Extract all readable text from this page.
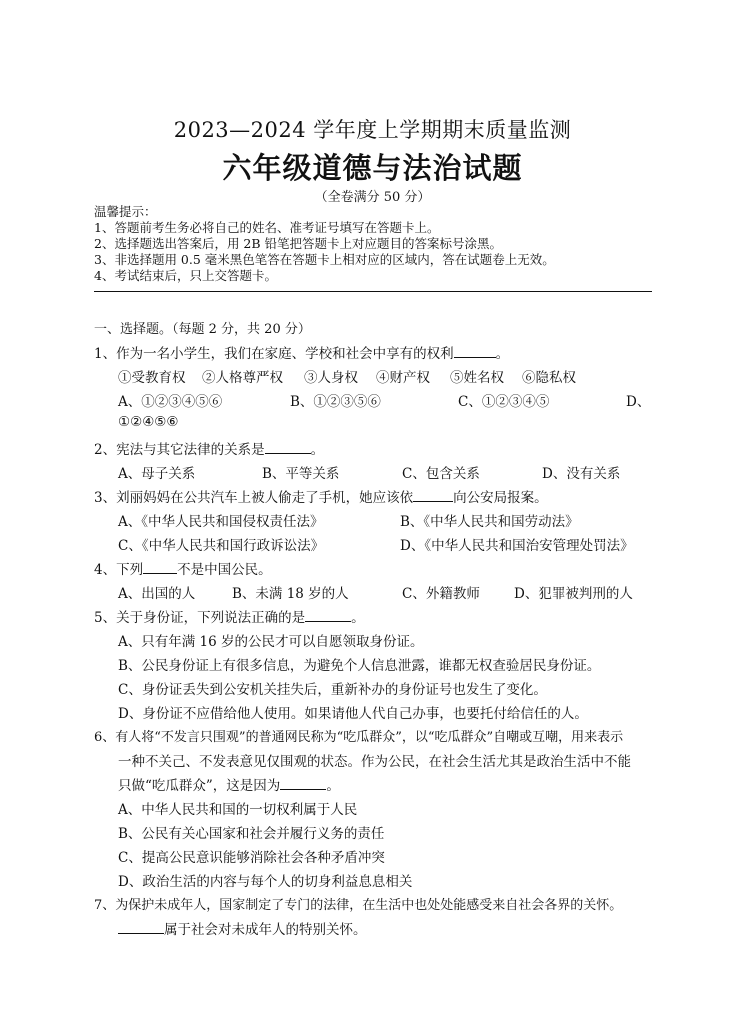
2023—2024 学年度上学期期末质量监测
六年级道德与法治试题
（全卷满分 50 分）
温馨提示：
1、答题前考生务必将自己的姓名、准考证号填写在答题卡上。
2、选择题选出答案后，用 2B 铅笔把答题卡上对应题目的答案标号涂黑。
3、非选择题用 0.5 毫米黑色笔答在答题卡上相对应的区域内，答在试题卷上无效。
4、考试结束后，只上交答题卡。
一、选择题。（每题 2 分，共 20 分）
1、作为一名小学生，我们在家庭、学校和社会中享有的权利	。
①受教育权 ②人格尊严权 ③人身权 ④财产权 ⑤姓名权 ⑥隐私权
A、①②③④⑤⑥	B、①②③⑤⑥	C、①②③④⑤	D、
①②④⑤⑥
2、宪法与其它法律的关系是	。
A、母子关系	B、平等关系	C、包含关系	D、没有关系
3、刘丽妈妈在公共汽车上被人偷走了手机，她应该依	向公安局报案。
A、《中华人民共和国侵权责任法》	B、《中华人民共和国劳动法》
C、《中华人民共和国行政诉讼法》	D、《中华人民共和国治安管理处罚法》
4、下列	不是中国公民。
A、出国的人	B、未满 18 岁的人	C、外籍教师	D、犯罪被判刑的人
5、关于身份证，下列说法正确的是	。
A、只有年满 16 岁的公民才可以自愿领取身份证。
B、公民身份证上有很多信息，为避免个人信息泄露，谁都无权查验居民身份证。
C、身份证丢失到公安机关挂失后，重新补办的身份证号也发生了变化。
D、身份证不应借给他人使用。如果请他人代自己办事，也要托付给信任的人。
6、有人将“不发言只围观”的普通网民称为“吃瓜群众”，以“吃瓜群众”自嘲或互嘲，用来表示
一种不关己、不发表意见仅围观的状态。作为公民，在社会生活尤其是政治生活中不能
只做“吃瓜群众”，这是因为	。
A、中华人民共和国的一切权利属于人民
B、公民有关心国家和社会并履行义务的责任
C、提高公民意识能够消除社会各种矛盾冲突
D、政治生活的内容与每个人的切身利益息息相关
7、为保护未成年人，国家制定了专门的法律，在生活中也处处能感受来自社会各界的关怀。
属于社会对未成年人的特别关怀。
